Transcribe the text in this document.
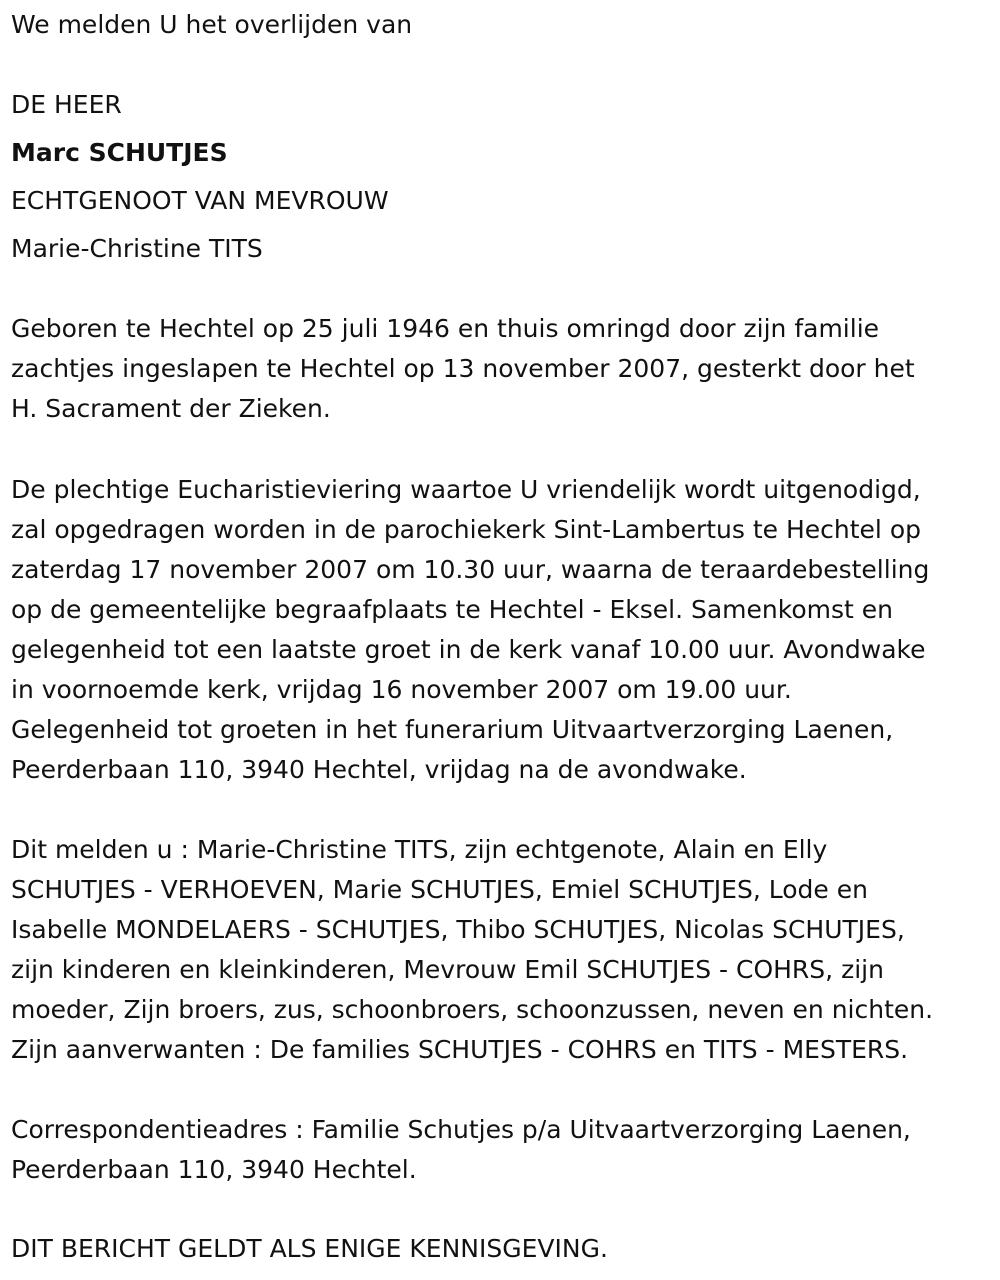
We melden U het overlijden van
DE HEER
Marc SCHUTJES
ECHTGENOOT VAN MEVROUW
Marie-Christine TITS
Geboren te Hechtel op 25 juli 1946 en thuis omringd door zijn familie
zachtjes ingeslapen te Hechtel op 13 november 2007, gesterkt door het
H. Sacrament der Zieken.
De plechtige Eucharistieviering waartoe U vriendelijk wordt uitgenodigd,
zal opgedragen worden in de parochiekerk Sint-Lambertus te Hechtel op
zaterdag 17 november 2007 om 10.30 uur, waarna de teraardebestelling
op de gemeentelijke begraafplaats te Hechtel - Eksel. Samenkomst en
gelegenheid tot een laatste groet in de kerk vanaf 10.00 uur. Avondwake
in voornoemde kerk, vrijdag 16 november 2007 om 19.00 uur.
Gelegenheid tot groeten in het funerarium Uitvaartverzorging Laenen,
Peerderbaan 110, 3940 Hechtel, vrijdag na de avondwake.
Dit melden u : Marie-Christine TITS, zijn echtgenote, Alain en Elly
SCHUTJES - VERHOEVEN, Marie SCHUTJES, Emiel SCHUTJES, Lode en
Isabelle MONDELAERS - SCHUTJES, Thibo SCHUTJES, Nicolas SCHUTJES,
zijn kinderen en kleinkinderen, Mevrouw Emil SCHUTJES - COHRS, zijn
moeder, Zijn broers, zus, schoonbroers, schoonzussen, neven en nichten.
Zijn aanverwanten : De families SCHUTJES - COHRS en TITS - MESTERS.
Correspondentieadres : Familie Schutjes p/a Uitvaartverzorging Laenen,
Peerderbaan 110, 3940 Hechtel.
DIT BERICHT GELDT ALS ENIGE KENNISGEVING.
